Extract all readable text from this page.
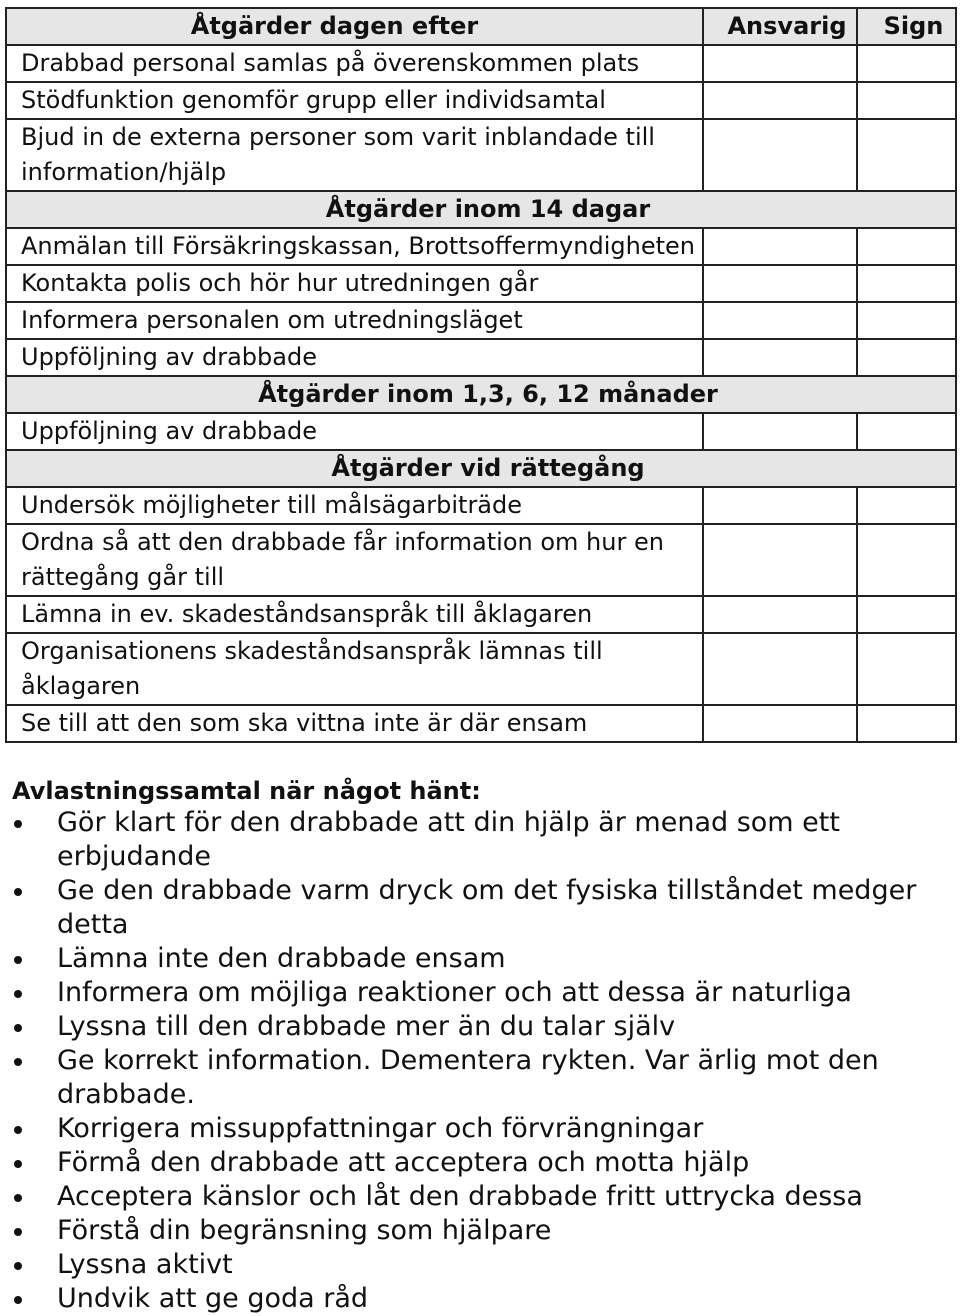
Åtgärder dagen efter	Ansvarig	Sign
Drabbad personal samlas på överenskommen plats		
Stödfunktion genomför grupp eller individsamtal		
Bjud in de externa personer som varit inblandade till information/hjälp		
Åtgärder inom 14 dagar		
Anmälan till Försäkringskassan, Brottsoffermyndigheten		
Kontakta polis och hör hur utredningen går		
Informera personalen om utredningsläget		
Uppföljning av drabbade		
Åtgärder inom 1,3, 6, 12 månader		
Uppföljning av drabbade		
Åtgärder vid rättegång		
Undersök möjligheter till målsägarbiträde		
Ordna så att den drabbade får information om hur en rättegång går till		
Lämna in ev. skadeståndsanspråk till åklagaren		
Organisationens skadeståndsanspråk lämnas till åklagaren		
Se till att den som ska vittna inte är där ensam		
Avlastningssamtal när något hänt:
Gör klart för den drabbade att din hjälp är menad som ett erbjudande
Ge den drabbade varm dryck om det fysiska tillståndet medger detta
Lämna inte den drabbade ensam
Informera om möjliga reaktioner och att dessa är naturliga
Lyssna till den drabbade mer än du talar själv
Ge korrekt information. Dementera rykten. Var ärlig mot den drabbade.
Korrigera missuppfattningar och förvrängningar
Förmå den drabbade att acceptera och motta hjälp
Acceptera känslor och låt den drabbade fritt uttrycka dessa
Förstå din begränsning som hjälpare
Lyssna aktivt
Undvik att ge goda råd
